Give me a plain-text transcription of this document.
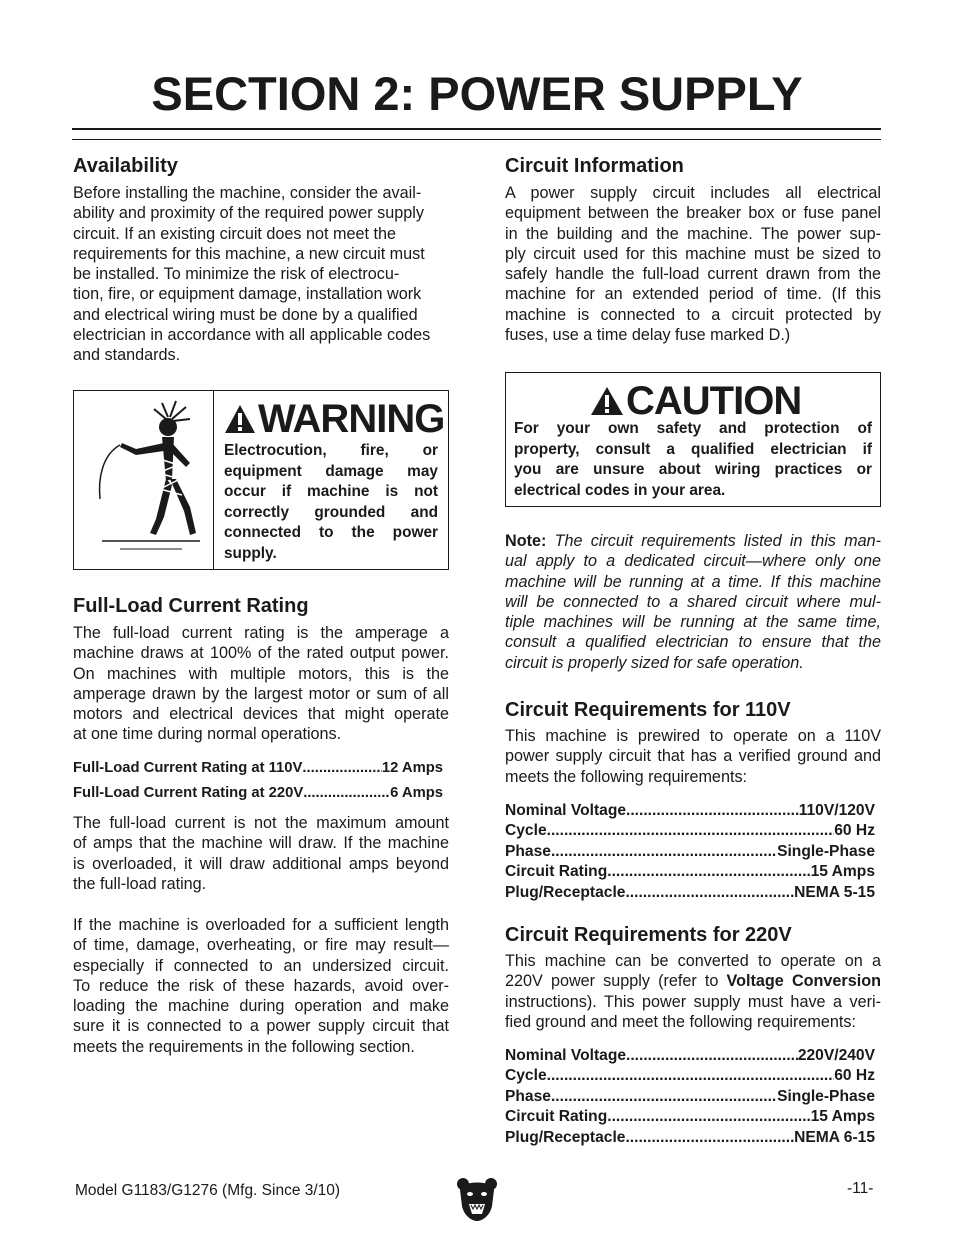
SECTION 2: POWER SUPPLY
Availability
Before installing the machine, consider the avail-
ability and proximity of the required power supply
circuit. If an existing circuit does not meet the
requirements for this machine, a new circuit must
be installed. To minimize the risk of electrocu-
tion, fire, or equipment damage, installation work
and electrical wiring must be done by a qualified
electrician in accordance with all applicable codes
and standards.
WARNING
Electrocution, fire, or
equipment damage may
occur if machine is not
correctly grounded and
connected to the power
supply.
Full-Load Current Rating
The full-load current rating is the amperage a
machine draws at 100% of the rated output power.
On machines with multiple motors, this is the
amperage drawn by the largest motor or sum of all
motors and electrical devices that might operate
at one time during normal operations.
Full-Load Current Rating at 110V .....	12 Amps
Full-Load Current Rating at 220V .....	6 Amps
The full-load current is not the maximum amount
of amps that the machine will draw. If the machine
is overloaded, it will draw additional amps beyond
the full-load rating.
If the machine is overloaded for a sufficient length
of time, damage, overheating, or fire may result—
especially if connected to an undersized circuit.
To reduce the risk of these hazards, avoid over-
loading the machine during operation and make
sure it is connected to a power supply circuit that
meets the requirements in the following section.
Circuit Information
A power supply circuit includes all electrical
equipment between the breaker box or fuse panel
in the building and the machine. The power sup-
ply circuit used for this machine must be sized to
safely handle the full-load current drawn from the
machine for an extended period of time. (If this
machine is connected to a circuit protected by
fuses, use a time delay fuse marked D.)
CAUTION
For your own safety and protection of
property, consult a qualified electrician if
you are unsure about wiring practices or
electrical codes in your area.
Note: The circuit requirements listed in this man-
ual apply to a dedicated circuit—where only one
machine will be running at a time. If this machine
will be connected to a shared circuit where mul-
tiple machines will be running at the same time,
consult a qualified electrician to ensure that the
circuit is properly sized for safe operation.
Circuit Requirements for 110V
This machine is prewired to operate on a 110V
power supply circuit that has a verified ground and
meets the following requirements:
Nominal Voltage .....	110V/120V
Cycle .....	60 Hz
Phase .....	Single-Phase
Circuit Rating .....	15 Amps
Plug/Receptacle .....	NEMA 5-15
Circuit Requirements for 220V
This machine can be converted to operate on a
220V power supply (refer to Voltage Conversion
instructions). This power supply must have a veri-
fied ground and meet the following requirements:
Nominal Voltage .....	220V/240V
Cycle .....	60 Hz
Phase .....	Single-Phase
Circuit Rating .....	15 Amps
Plug/Receptacle .....	NEMA 6-15
Model G1183/G1276 (Mfg. Since 3/10)	-11-
